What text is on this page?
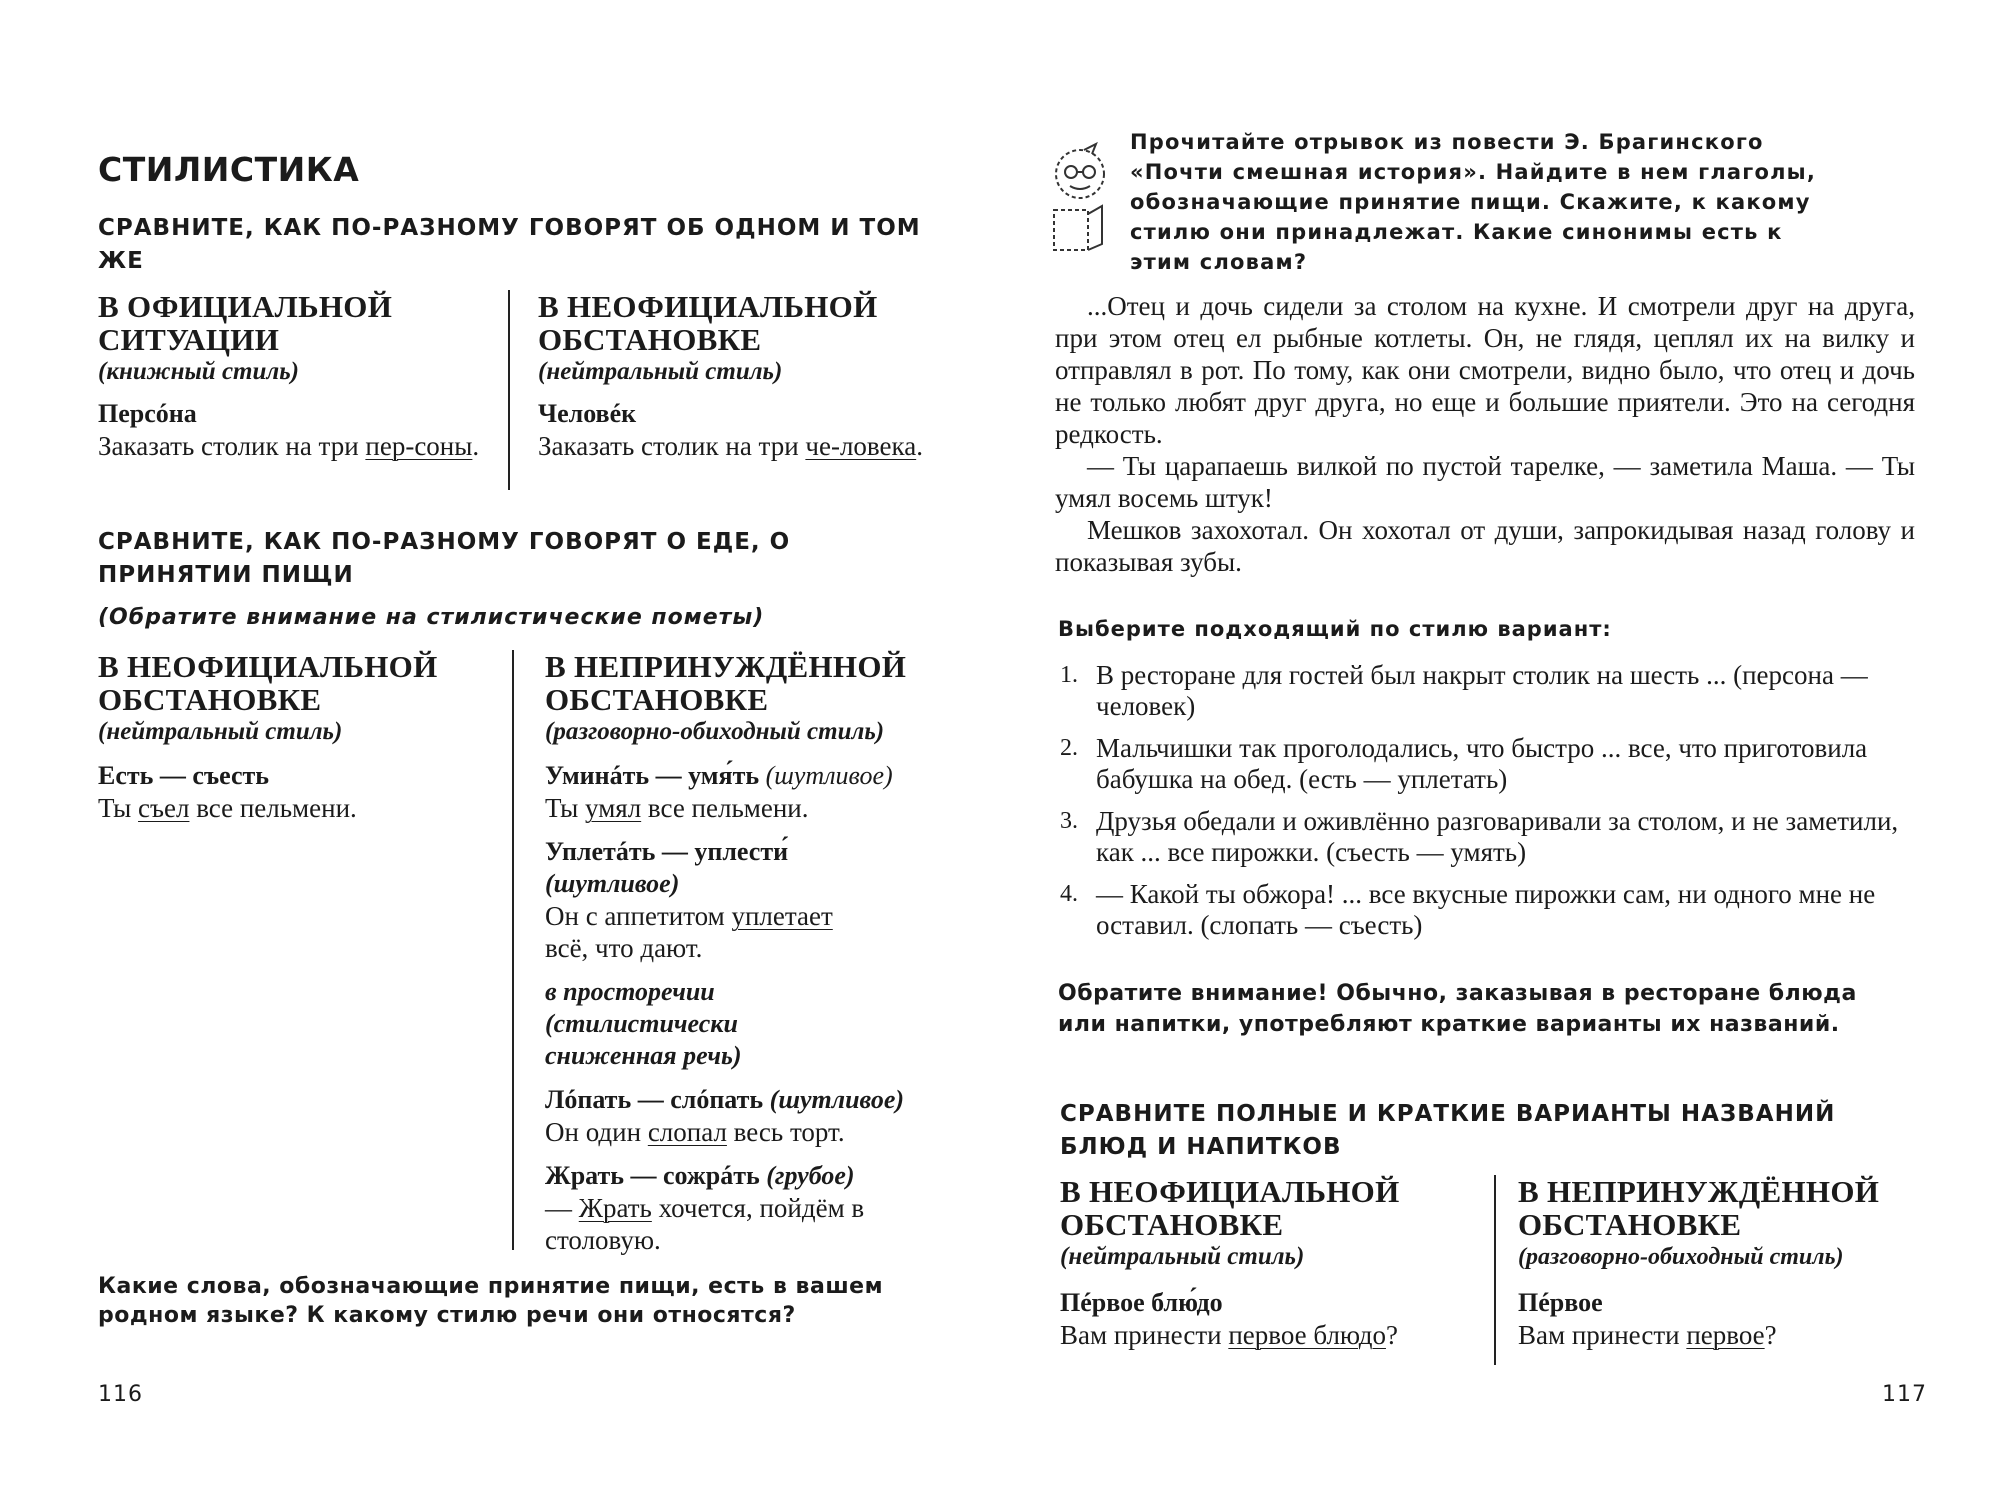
СТИЛИСТИКА
СРАВНИТЕ, КАК ПО-РАЗНОМУ ГОВОРЯТ ОБ ОДНОМ И ТОМ ЖЕ
В ОФИЦИАЛЬНОЙ СИТУАЦИИ
(книжный стиль)
Персóна
Заказать столик на три пер-соны.
В НЕОФИЦИАЛЬНОЙ ОБСТАНОВКЕ
(нейтральный стиль)
Человéк
Заказать столик на три че-ловека.
СРАВНИТЕ, КАК ПО-РАЗНОМУ ГОВОРЯТ О ЕДЕ, О ПРИНЯТИИ ПИЩИ
(Обратите внимание на стилистические пометы)
В НЕОФИЦИАЛЬНОЙ ОБСТАНОВКЕ
(нейтральный стиль)
Есть — съесть
Ты съел все пельмени.
В НЕПРИНУЖДЁННОЙ ОБСТАНОВКЕ
(разговорно-обиходный стиль)
Уминáть — умя́ть (шутливое)
Ты умял все пельмени.
Уплетáть — уплести́
(шутливое)
Он с аппетитом уплетает
всё, что дают.
в просторечии (стилистически сниженная речь)
Лóпать — слóпать (шутливое)
Он один слопал весь торт.
Жрать — сожрáть (грубое)
— Жрать хочется, пойдём в столовую.
Какие слова, обозначающие принятие пищи, есть в вашем родном языке? К какому стилю речи они относятся?
116
Прочитайте отрывок из повести Э. Брагинского «Почти смешная история». Найдите в нем глаголы, обозначающие принятие пищи. Скажите, к какому стилю они принадлежат. Какие синонимы есть к этим словам?

...Отец и дочь сидели за столом на кухне. И смотрели друг на друга, при этом отец ел рыбные котлеты. Он, не глядя, цеплял их на вилку и отправлял в рот. По тому, как они смотрели, видно было, что отец и дочь не только любят друг друга, но еще и большие приятели. Это на сегодня редкость.

— Ты царапаешь вилкой по пустой тарелке, — заметила Маша. — Ты умял восемь штук!

Мешков захохотал. Он хохотал от души, запрокидывая назад голову и показывая зубы.

Выберите подходящий по стилю вариант:
1. В ресторане для гостей был накрыт столик на шесть ... (персона — человек)
2. Мальчишки так проголодались, что быстро ... все, что приготовила бабушка на обед. (есть — уплетать)
3. Друзья обедали и оживлённо разговаривали за столом, и не заметили, как ... все пирожки. (съесть — умять)
4. — Какой ты обжора! ... все вкусные пирожки сам, ни одного мне не оставил. (слопать — съесть)
Обратите внимание! Обычно, заказывая в ресторане блюда или напитки, употребляют краткие варианты их названий.
СРАВНИТЕ ПОЛНЫЕ И КРАТКИЕ ВАРИАНТЫ НАЗВАНИЙ БЛЮД И НАПИТКОВ
В НЕОФИЦИАЛЬНОЙ ОБСТАНОВКЕ
(нейтральный стиль)
Пéрвое блю́до
Вам принести первое блюдо?
В НЕПРИНУЖДЁННОЙ ОБСТАНОВКЕ
(разговорно-обиходный стиль)
Пéрвое
Вам принести первое?
117
